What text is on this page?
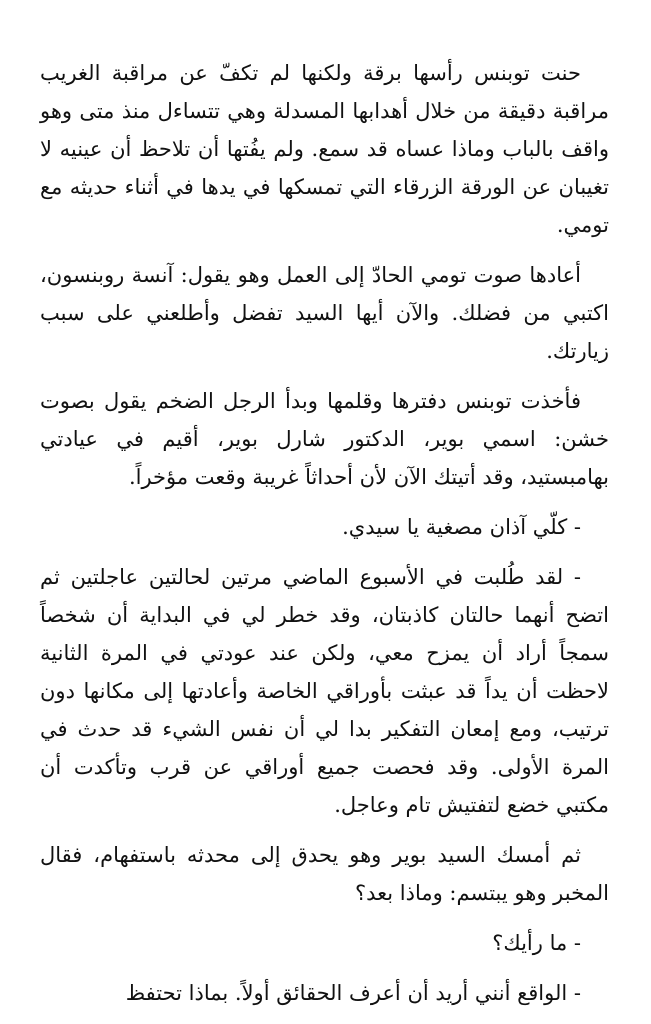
حنت توبنس رأسها برقة ولكنها لم تكفّ عن مراقبة الغريب مراقبة دقيقة من خلال أهدابها المسدلة وهي تتساءل منذ متى وهو واقف بالباب وماذا عساه قد سمع. ولم يفُتها أن تلاحظ أن عينيه لا تغيبان عن الورقة الزرقاء التي تمسكها في يدها في أثناء حديثه مع تومي.

أعادها صوت تومي الحادّ إلى العمل وهو يقول: آنسة روبنسون، اكتبي من فضلك. والآن أيها السيد تفضل وأطلعني على سبب زيارتك.

فأخذت توبنس دفترها وقلمها وبدأ الرجل الضخم يقول بصوت خشن: اسمي بوير، الدكتور شارل بوير، أقيم في عيادتي بهامبستيد، وقد أتيتك الآن لأن أحداثاً غريبة وقعت مؤخراً.

- كلّي آذان مصغية يا سيدي.

- لقد طُلبت في الأسبوع الماضي مرتين لحالتين عاجلتين ثم اتضح أنهما حالتان كاذبتان، وقد خطر لي في البداية أن شخصاً سمجاً أراد أن يمزح معي، ولكن عند عودتي في المرة الثانية لاحظت أن يداً قد عبثت بأوراقي الخاصة وأعادتها إلى مكانها دون ترتيب، ومع إمعان التفكير بدا لي أن نفس الشيء قد حدث في المرة الأولى. وقد فحصت جميع أوراقي عن قرب وتأكدت أن مكتبي خضع لتفتيش تام وعاجل.

ثم أمسك السيد بوير وهو يحدق إلى محدثه باستفهام، فقال المخبر وهو يبتسم: وماذا بعد؟

- ما رأيك؟

- الواقع أنني أريد أن أعرف الحقائق أولاً. بماذا تحتفظ
